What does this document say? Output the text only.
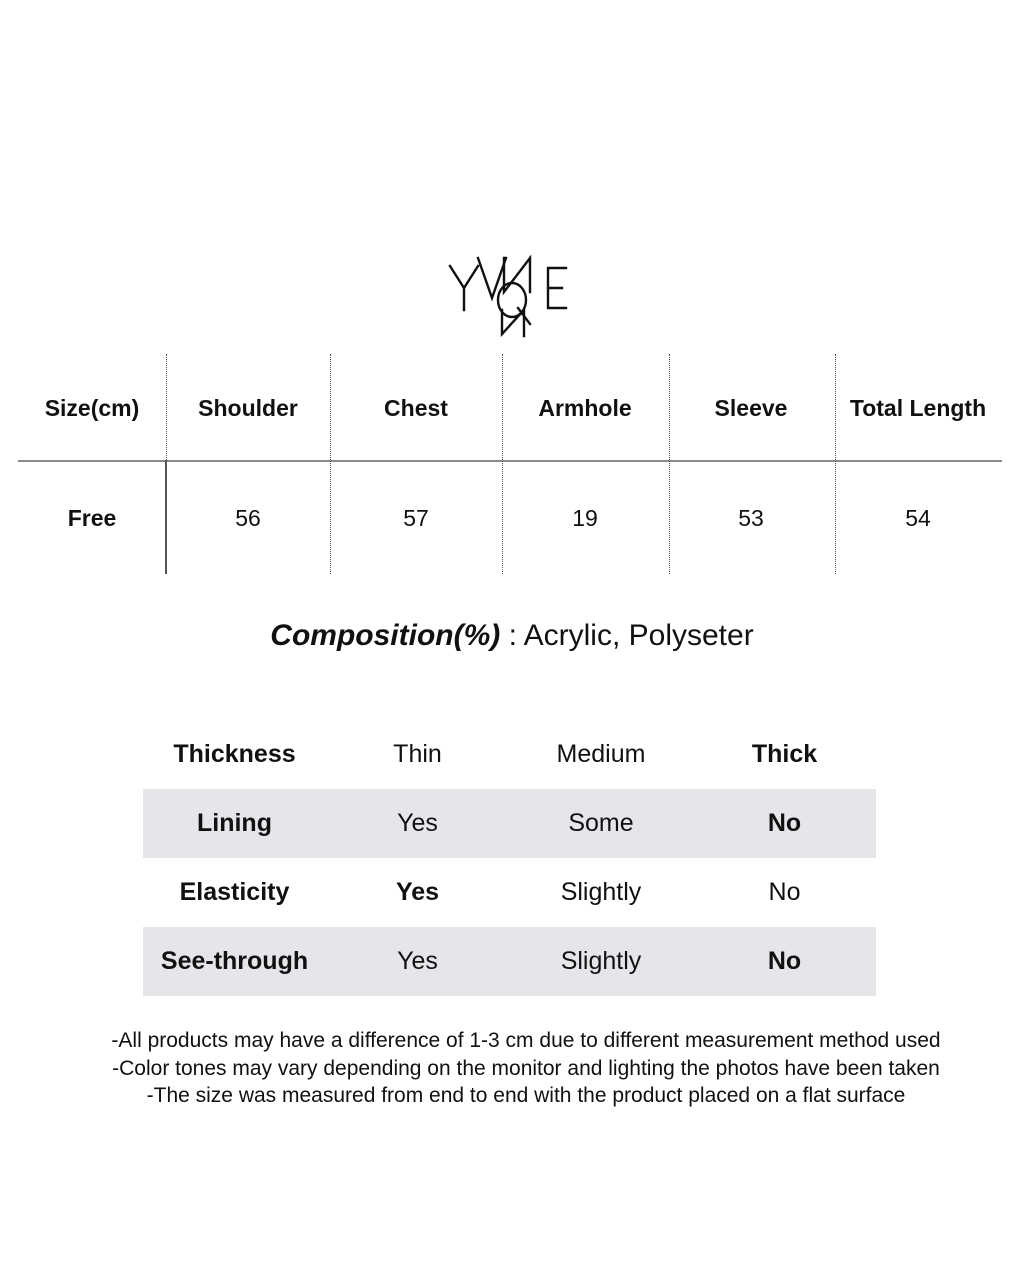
Size(cm)	Shoulder	Chest	Armhole	Sleeve	Total Length
Free	56	57	19	53	54
Composition(%) : Acrylic, Polyseter
Thickness	Thin	Medium	Thick
Lining	Yes	Some	No
Elasticity	Yes	Slightly	No
See-through	Yes	Slightly	No
-All products may have a difference of 1-3 cm due to different measurement method used
-Color tones may vary depending on the monitor and lighting the photos have been taken
-The size was measured from end to end with the product placed on a flat surface
